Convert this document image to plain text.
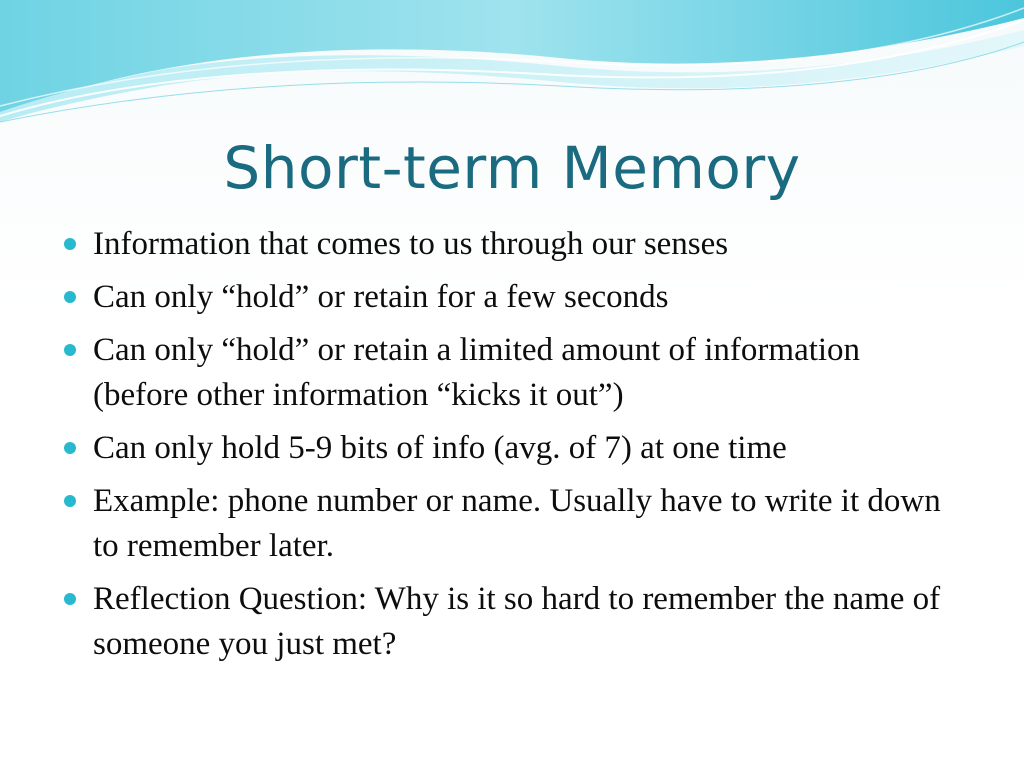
Short-term Memory
Information that comes to us through our senses
Can only “hold” or retain for a few seconds
Can only “hold” or retain a limited amount of information (before other information “kicks it out”)
Can only hold 5-9 bits of info (avg. of 7) at one time
Example: phone number or name. Usually have to write it down to remember later.
Reflection Question: Why is it so hard to remember the name of someone you just met?
